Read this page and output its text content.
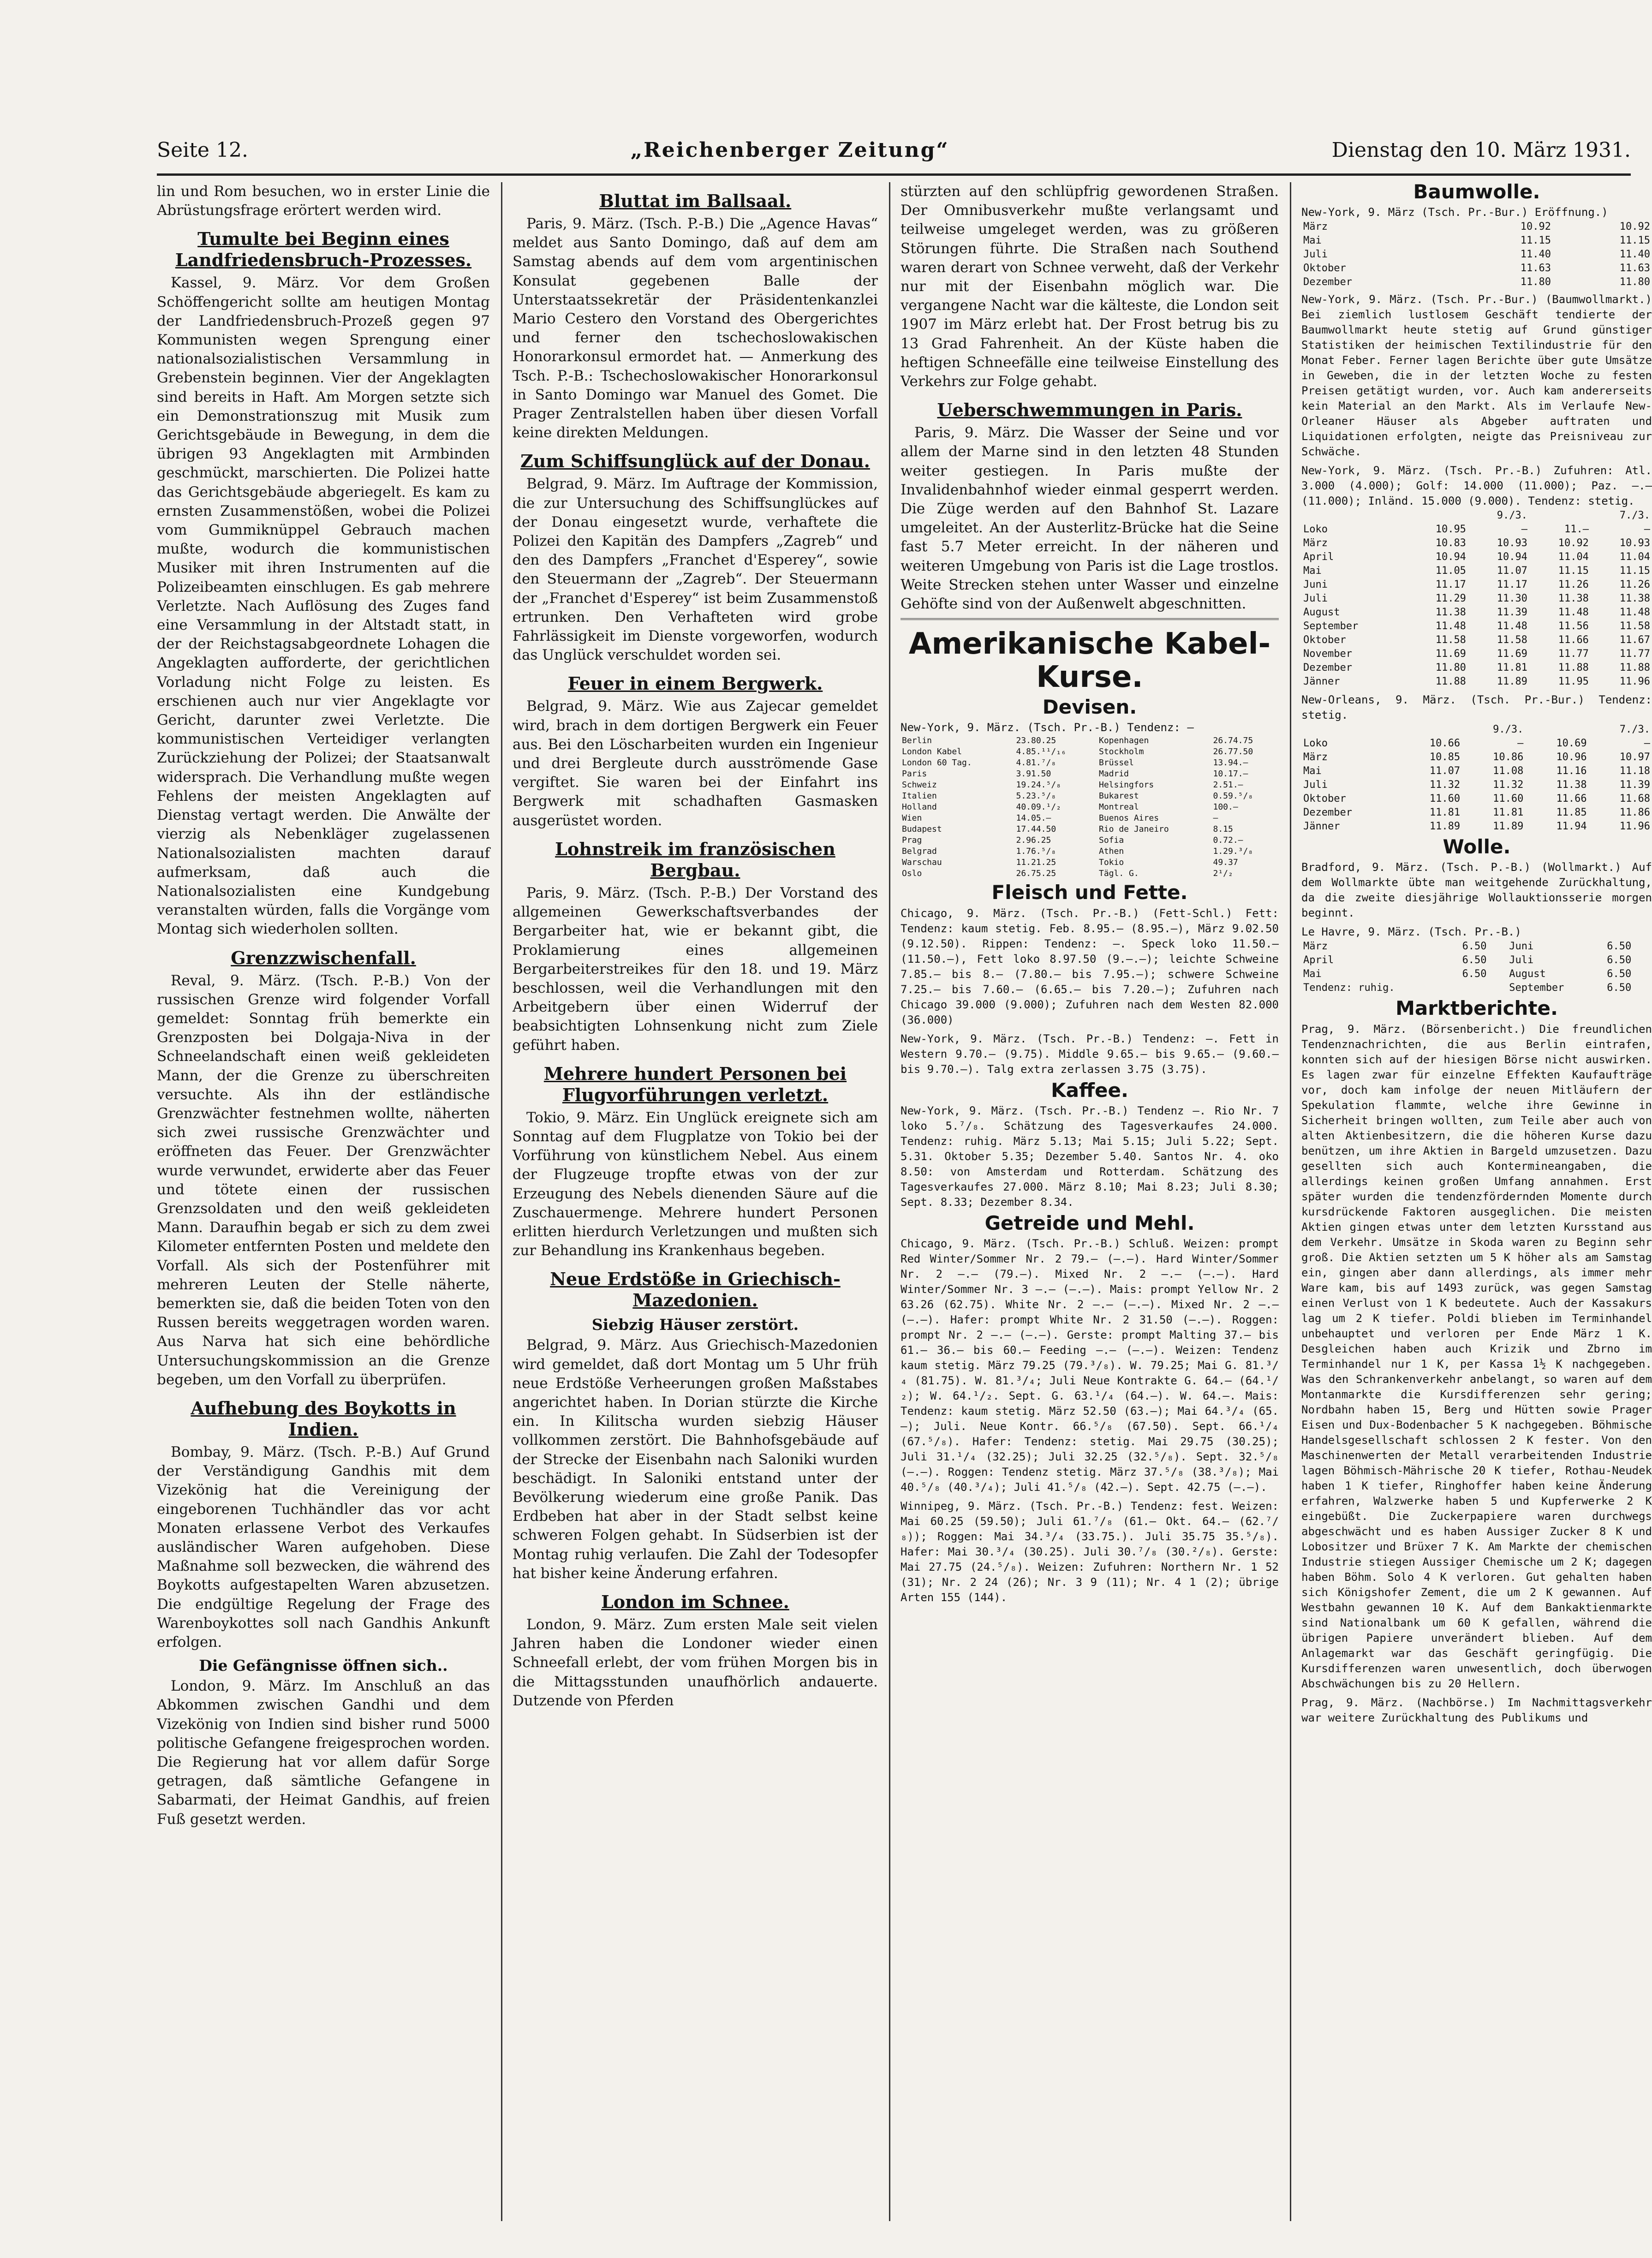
Seite 12.	„Reichenberger Zeitung“	Dienstag den 10. März 1931.

lin und Rom besuchen, wo in erster Linie die Abrüstungsfrage erörtert werden wird.

Tumulte bei Beginn eines Landfriedensbruch-Prozesses.

Kassel, 9. März. Vor dem Großen Schöffengericht sollte am heutigen Montag der Landfriedensbruch-Prozeß gegen 97 Kommunisten wegen Sprengung einer nationalsozialistischen Versammlung in Grebenstein beginnen. Vier der Angeklagten sind bereits in Haft. Am Morgen setzte sich ein Demonstrationszug mit Musik zum Gerichtsgebäude in Bewegung, in dem die übrigen 93 Angeklagten mit Armbinden geschmückt, marschierten. Die Polizei hatte das Gerichtsgebäude abgeriegelt. Es kam zu ernsten Zusammenstößen, wobei die Polizei vom Gummiknüppel Gebrauch machen mußte, wodurch die kommunistischen Musiker mit ihren Instrumenten auf die Polizeibeamten einschlugen. Es gab mehrere Verletzte. Nach Auflösung des Zuges fand eine Versammlung in der Altstadt statt, in der der Reichstagsabgeordnete Lohagen die Angeklagten aufforderte, der gerichtlichen Vorladung nicht Folge zu leisten. Es erschienen auch nur vier Angeklagte vor Gericht, darunter zwei Verletzte. Die kommunistischen Verteidiger verlangten Zurückziehung der Polizei; der Staatsanwalt widersprach. Die Verhandlung mußte wegen Fehlens der meisten Angeklagten auf Dienstag vertagt werden. Die Anwälte der vierzig als Nebenkläger zugelassenen Nationalsozialisten machten darauf aufmerksam, daß auch die Nationalsozialisten eine Kundgebung veranstalten würden, falls die Vorgänge vom Montag sich wiederholen sollten.

Grenzzwischenfall.

Reval, 9. März. (Tsch. P.-B.) Von der russischen Grenze wird folgender Vorfall gemeldet: Sonntag früh bemerkte ein Grenzposten bei Dolgaja-Niva in der Schneelandschaft einen weiß gekleideten Mann, der die Grenze zu überschreiten versuchte. Als ihn der estländische Grenzwächter festnehmen wollte, näherten sich zwei russische Grenzwächter und eröffneten das Feuer. Der Grenzwächter wurde verwundet, erwiderte aber das Feuer und tötete einen der russischen Grenzsoldaten und den weiß gekleideten Mann. Daraufhin begab er sich zu dem zwei Kilometer entfernten Posten und meldete den Vorfall. Als sich der Postenführer mit mehreren Leuten der Stelle näherte, bemerkten sie, daß die beiden Toten von den Russen bereits weggetragen worden waren. Aus Narva hat sich eine behördliche Untersuchungskommission an die Grenze begeben, um den Vorfall zu überprüfen.

Aufhebung des Boykotts in Indien.

Bombay, 9. März. (Tsch. P.-B.) Auf Grund der Verständigung Gandhis mit dem Vizekönig hat die Vereinigung der eingeborenen Tuchhändler das vor acht Monaten erlassene Verbot des Verkaufes ausländischer Waren aufgehoben. Diese Maßnahme soll bezwecken, die während des Boykotts aufgestapelten Waren abzusetzen. Die endgültige Regelung der Frage des Warenboykottes soll nach Gandhis Ankunft erfolgen.

Die Gefängnisse öffnen sich..

London, 9. März. Im Anschluß an das Abkommen zwischen Gandhi und dem Vizekönig von Indien sind bisher rund 5000 politische Gefangene freigesprochen worden. Die Regierung hat vor allem dafür Sorge getragen, daß sämtliche Gefangene in Sabarmati, der Heimat Gandhis, auf freien Fuß gesetzt werden.

Bluttat im Ballsaal.

Paris, 9. März. (Tsch. P.-B.) Die „Agence Havas“ meldet aus Santo Domingo, daß auf dem am Samstag abends auf dem vom argentinischen Konsulat gegebenen Balle der Unterstaatssekretär der Präsidentenkanzlei Mario Cestero den Vorstand des Obergerichtes und ferner den tschechoslowakischen Honorarkonsul ermordet hat. — Anmerkung des Tsch. P.-B.: Tschechoslowakischer Honorarkonsul in Santo Domingo war Manuel des Gomet. Die Prager Zentralstellen haben über diesen Vorfall keine direkten Meldungen.

Zum Schiffsunglück auf der Donau.

Belgrad, 9. März. Im Auftrage der Kommission, die zur Untersuchung des Schiffsunglückes auf der Donau eingesetzt wurde, verhaftete die Polizei den Kapitän des Dampfers „Zagreb“ und den des Dampfers „Franchet d'Esperey“, sowie den Steuermann der „Zagreb“. Der Steuermann der „Franchet d'Esperey“ ist beim Zusammenstoß ertrunken. Den Verhafteten wird grobe Fahrlässigkeit im Dienste vorgeworfen, wodurch das Unglück verschuldet worden sei.

Feuer in einem Bergwerk.

Belgrad, 9. März. Wie aus Zajecar gemeldet wird, brach in dem dortigen Bergwerk ein Feuer aus. Bei den Löscharbeiten wurden ein Ingenieur und drei Bergleute durch ausströmende Gase vergiftet. Sie waren bei der Einfahrt ins Bergwerk mit schadhaften Gasmasken ausgerüstet worden.

Lohnstreik im französischen Bergbau.

Paris, 9. März. (Tsch. P.-B.) Der Vorstand des allgemeinen Gewerkschaftsverbandes der Bergarbeiter hat, wie er bekannt gibt, die Proklamierung eines allgemeinen Bergarbeiterstreikes für den 18. und 19. März beschlossen, weil die Verhandlungen mit den Arbeitgebern über einen Widerruf der beabsichtigten Lohnsenkung nicht zum Ziele geführt haben.

Mehrere hundert Personen bei Flugvorführungen verletzt.

Tokio, 9. März. Ein Unglück ereignete sich am Sonntag auf dem Flugplatze von Tokio bei der Vorführung von künstlichem Nebel. Aus einem der Flugzeuge tropfte etwas von der zur Erzeugung des Nebels dienenden Säure auf die Zuschauermenge. Mehrere hundert Personen erlitten hierdurch Verletzungen und mußten sich zur Behandlung ins Krankenhaus begeben.

Neue Erdstöße in Griechisch-Mazedonien.
Siebzig Häuser zerstört.

Belgrad, 9. März. Aus Griechisch-Mazedonien wird gemeldet, daß dort Montag um 5 Uhr früh neue Erdstöße Verheerungen großen Maßstabes angerichtet haben. In Dorian stürzte die Kirche ein. In Kilitscha wurden siebzig Häuser vollkommen zerstört. Die Bahnhofsgebäude auf der Strecke der Eisenbahn nach Saloniki wurden beschädigt. In Saloniki entstand unter der Bevölkerung wiederum eine große Panik. Das Erdbeben hat aber in der Stadt selbst keine schweren Folgen gehabt. In Südserbien ist der Montag ruhig verlaufen. Die Zahl der Todesopfer hat bisher keine Änderung erfahren.

London im Schnee.

London, 9. März. Zum ersten Male seit vielen Jahren haben die Londoner wieder einen Schneefall erlebt, der vom frühen Morgen bis in die Mittagsstunden unaufhörlich andauerte. Dutzende von Pferden

stürzten auf den schlüpfrig gewordenen Straßen. Der Omnibusverkehr mußte verlangsamt und teilweise umgeleget werden, was zu größeren Störungen führte. Die Straßen nach Southend waren derart von Schnee verweht, daß der Verkehr nur mit der Eisenbahn möglich war. Die vergangene Nacht war die kälteste, die London seit 1907 im März erlebt hat. Der Frost betrug bis zu 13 Grad Fahrenheit. An der Küste haben die heftigen Schneefälle eine teilweise Einstellung des Verkehrs zur Folge gehabt.

Ueberschwemmungen in Paris.

Paris, 9. März. Die Wasser der Seine und vor allem der Marne sind in den letzten 48 Stunden weiter gestiegen. In Paris mußte der Invalidenbahnhof wieder einmal gesperrt werden. Die Züge werden auf den Bahnhof St. Lazare umgeleitet. An der Austerlitz-Brücke hat die Seine fast 5.7 Meter erreicht. In der näheren und weiteren Umgebung von Paris ist die Lage trostlos. Weite Strecken stehen unter Wasser und einzelne Gehöfte sind von der Außenwelt abgeschnitten.

Amerikanische Kabel-Kurse.
Devisen.

New-York, 9. März. (Tsch. Pr.-B.) Tendenz: —

Berlin	23.80.25	Kopenhagen	26.74.75
London Kabel	4.85.¹¹/₁₆	Stockholm	26.77.50
London 60 Tag.	4.81.⁷/₈	Brüssel	13.94.—
Paris	3.91.50	Madrid	10.17.—
Schweiz	19.24.⁵/₈	Helsingfors	2.51.—
Italien	5.23.⁵/₈	Bukarest	0.59.⁵/₈
Holland	40.09.¹/₂	Montreal	100.—
Wien	14.05.—	Buenos Aires	—
Budapest	17.44.50	Rio de Janeiro	8.15
Prag	2.96.25	Sofia	0.72.—
Belgrad	1.76.⁵/₈	Athen	1.29.³/₈
Warschau	11.21.25	Tokio	49.37
Oslo	26.75.25	Tägl. G.	2¹/₂
Fleisch und Fette.

Chicago, 9. März. (Tsch. Pr.-B.) (Fett-Schl.) Fett: Tendenz: kaum stetig. Feb. 8.95.— (8.95.—), März 9.02.50 (9.12.50). Rippen: Tendenz: —. Speck loko 11.50.— (11.50.—), Fett loko 8.97.50 (9.—.—); leichte Schweine 7.85.— bis 8.— (7.80.— bis 7.95.—); schwere Schweine 7.25.— bis 7.60.— (6.65.— bis 7.20.—); Zufuhren nach Chicago 39.000 (9.000); Zufuhren nach dem Westen 82.000 (36.000)

New-York, 9. März. (Tsch. Pr.-B.) Tendenz: —. Fett in Western 9.70.— (9.75). Middle 9.65.— bis 9.65.— (9.60.— bis 9.70.—). Talg extra zerlassen 3.75 (3.75).

Kaffee.

New-York, 9. März. (Tsch. Pr.-B.) Tendenz —. Rio Nr. 7 loko 5.⁷/₈. Schätzung des Tagesverkaufes 24.000. Tendenz: ruhig. März 5.13; Mai 5.15; Juli 5.22; Sept. 5.31. Oktober 5.35; Dezember 5.40. Santos Nr. 4. oko 8.50: von Amsterdam und Rotterdam. Schätzung des Tagesverkaufes 27.000. März 8.10; Mai 8.23; Juli 8.30; Sept. 8.33; Dezember 8.34.

Getreide und Mehl.

Chicago, 9. März. (Tsch. Pr.-B.) Schluß. Weizen: prompt Red Winter/Sommer Nr. 2 79.— (—.—). Hard Winter/Sommer Nr. 2 —.— (79.—). Mixed Nr. 2 —.— (—.—). Hard Winter/Sommer Nr. 3 —.— (—.—). Mais: prompt Yellow Nr. 2 63.26 (62.75). White Nr. 2 —.— (—.—). Mixed Nr. 2 —.— (—.—). Hafer: prompt White Nr. 2 31.50 (—.—). Roggen: prompt Nr. 2 —.— (—.—). Gerste: prompt Malting 37.— bis 61.— 36.— bis 60.— Feeding —.— (—.—). Weizen: Tendenz kaum stetig. März 79.25 (79.³/₈). W. 79.25; Mai G. 81.³/₄ (81.75). W. 81.³/₄; Juli Neue Kontrakte G. 64.— (64.¹/₂); W. 64.¹/₂. Sept. G. 63.¹/₄ (64.—). W. 64.—. Mais: Tendenz: kaum stetig. März 52.50 (63.—); Mai 64.³/₄ (65.—); Juli. Neue Kontr. 66.⁵/₈ (67.50). Sept. 66.¹/₄ (67.⁵/₈). Hafer: Tendenz: stetig. Mai 29.75 (30.25); Juli 31.¹/₄ (32.25); Juli 32.25 (32.⁵/₈). Sept. 32.⁵/₈ (—.—). Roggen: Tendenz stetig. März 37.⁵/₈ (38.³/₈); Mai 40.⁵/₈ (40.³/₄); Juli 41.⁵/₈ (42.—). Sept. 42.75 (—.—).

Winnipeg, 9. März. (Tsch. Pr.-B.) Tendenz: fest. Weizen: Mai 60.25 (59.50); Juli 61.⁷/₈ (61.— Okt. 64.— (62.⁷/₈)); Roggen: Mai 34.³/₄ (33.75.). Juli 35.75 35.⁵/₈). Hafer: Mai 30.³/₄ (30.25). Juli 30.⁷/₈ (30.²/₈). Gerste: Mai 27.75 (24.⁵/₈). Weizen: Zufuhren: Northern Nr. 1 52 (31); Nr. 2 24 (26); Nr. 3 9 (11); Nr. 4 1 (2); übrige Arten 155 (144).

Baumwolle.

New-York, 9. März (Tsch. Pr.-Bur.) Eröffnung.)

März	10.92	10.92
Mai	11.15	11.15
Juli	11.40	11.40
Oktober	11.63	11.63
Dezember	11.80	11.80

New-York, 9. März. (Tsch. Pr.-Bur.) (Baumwollmarkt.) Bei ziemlich lustlosem Geschäft tendierte der Baumwollmarkt heute stetig auf Grund günstiger Statistiken der heimischen Textilindustrie für den Monat Feber. Ferner lagen Berichte über gute Umsätze in Geweben, die in der letzten Woche zu festen Preisen getätigt wurden, vor. Auch kam andererseits kein Material an den Markt. Als im Verlaufe New-Orleaner Häuser als Abgeber auftraten und Liquidationen erfolgten, neigte das Preisniveau zur Schwäche.

New-York, 9. März. (Tsch. Pr.-B.) Zufuhren: Atl. 3.000 (4.000); Golf: 14.000 (11.000); Paz. —.— (11.000); Inländ. 15.000 (9.000). Tendenz: stetig.

	9./3.		7./3.	
Loko	10.95	—	11.—	—
März	10.83	10.93	10.92	10.93
April	10.94	10.94	11.04	11.04
Mai	11.05	11.07	11.15	11.15
Juni	11.17	11.17	11.26	11.26
Juli	11.29	11.30	11.38	11.38
August	11.38	11.39	11.48	11.48
September	11.48	11.48	11.56	11.58
Oktober	11.58	11.58	11.66	11.67
November	11.69	11.69	11.77	11.77
Dezember	11.80	11.81	11.88	11.88
Jänner	11.88	11.89	11.95	11.96

New-Orleans, 9. März. (Tsch. Pr.-Bur.) Tendenz: stetig.

	9./3.		7./3.	
Loko	10.66	—	10.69	—
März	10.85	10.86	10.96	10.97
Mai	11.07	11.08	11.16	11.18
Juli	11.32	11.32	11.38	11.39
Oktober	11.60	11.60	11.66	11.68
Dezember	11.81	11.81	11.85	11.86
Jänner	11.89	11.89	11.94	11.96
Wolle.

Bradford, 9. März. (Tsch. P.-B.) (Wollmarkt.) Auf dem Wollmarkte übte man weitgehende Zurückhaltung, da die zweite diesjährige Wollauktionsserie morgen beginnt.

Le Havre, 9. März. (Tsch. Pr.-B.)

März	6.50	Juni	6.50
April	6.50	Juli	6.50
Mai	6.50	August	6.50
Tendenz: ruhig.		September	6.50
Marktberichte.

Prag, 9. März. (Börsenbericht.) Die freundlichen Tendenznachrichten, die aus Berlin eintrafen, konnten sich auf der hiesigen Börse nicht auswirken. Es lagen zwar für einzelne Effekten Kaufaufträge vor, doch kam infolge der neuen Mitläufern der Spekulation flammte, welche ihre Gewinne in Sicherheit bringen wollten, zum Teile aber auch von alten Aktienbesitzern, die die höheren Kurse dazu benützen, um ihre Aktien in Bargeld umzusetzen. Dazu gesellten sich auch Kontermineangaben, die allerdings keinen großen Umfang annahmen. Erst später wurden die tendenzfördernden Momente durch kursdrückende Faktoren ausgeglichen. Die meisten Aktien gingen etwas unter dem letzten Kursstand aus dem Verkehr. Umsätze in Skoda waren zu Beginn sehr groß. Die Aktien setzten um 5 K höher als am Samstag ein, gingen aber dann allerdings, als immer mehr Ware kam, bis auf 1493 zurück, was gegen Samstag einen Verlust von 1 K bedeutete. Auch der Kassakurs lag um 2 K tiefer. Poldi blieben im Terminhandel unbehauptet und verloren per Ende März 1 K. Desgleichen haben auch Krizik und Zbrno im Terminhandel nur 1 K, per Kassa 1½ K nachgegeben. Was den Schrankenverkehr anbelangt, so waren auf dem Montanmarkte die Kursdifferenzen sehr gering; Nordbahn haben 15, Berg und Hütten sowie Prager Eisen und Dux-Bodenbacher 5 K nachgegeben. Böhmische Handelsgesellschaft schlossen 2 K fester. Von den Maschinenwerten der Metall verarbeitenden Industrie lagen Böhmisch-Mährische 20 K tiefer, Rothau-Neudek haben 1 K tiefer, Ringhoffer haben keine Änderung erfahren, Walzwerke haben 5 und Kupferwerke 2 K eingebüßt. Die Zuckerpapiere waren durchwegs abgeschwächt und es haben Aussiger Zucker 8 K und Lobositzer und Brüxer 7 K. Am Markte der chemischen Industrie stiegen Aussiger Chemische um 2 K; dagegen haben Böhm. Solo 4 K verloren. Gut gehalten haben sich Königshofer Zement, die um 2 K gewannen. Auf Westbahn gewannen 10 K. Auf dem Bankaktienmarkte sind Nationalbank um 60 K gefallen, während die übrigen Papiere unverändert blieben. Auf dem Anlagemarkt war das Geschäft geringfügig. Die Kursdifferenzen waren unwesentlich, doch überwogen Abschwächungen bis zu 20 Hellern.

Prag, 9. März. (Nachbörse.) Im Nachmittagsverkehr war weitere Zurückhaltung des Publikums und
